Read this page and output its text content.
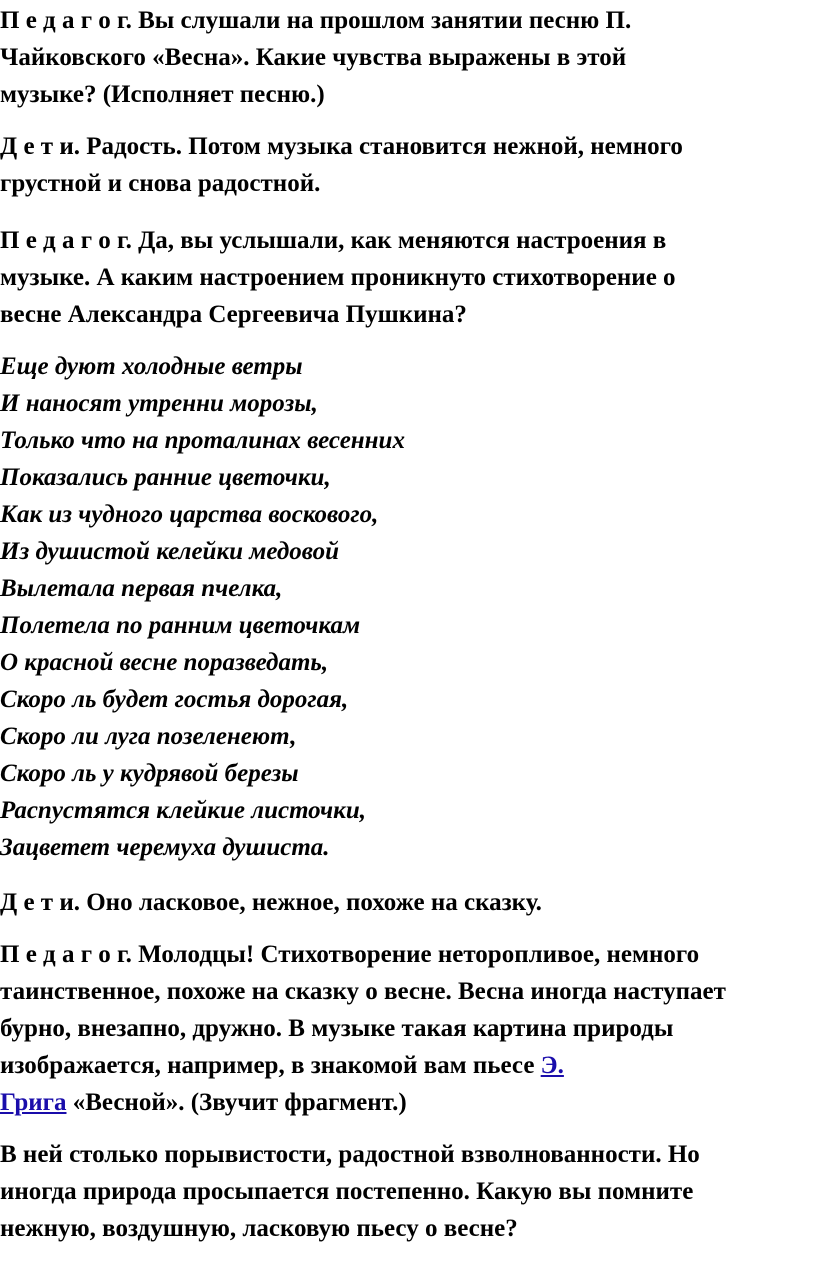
П е д а г о г. Вы слушали на прошлом занятии песню П.
Чайковского «Весна». Какие чувства выражены в этой
музыке? (Исполняет песню.)
Д е т и. Радость. Потом музыка становится нежной, немного
грустной и снова радостной.
П е д а г о г. Да, вы услышали, как меняются настроения в
музыке. А каким настроением проникнуто стихотворение о
весне Александра Сергеевича Пушкина?
Еще дуют холодные ветры
И наносят утренни морозы,
Только что на проталинах весенних
Показались ранние цветочки,
Как из чудного царства воскового,
Из душистой келейки медовой
Вылетала первая пчелка,
Полетела по ранним цветочкам
О красной весне поразведать,
Скоро ль будет гостья дорогая,
Скоро ли луга позеленеют,
Скоро ль у кудрявой березы
Распустятся клейкие листочки,
Зацветет черемуха душиста.
Д е т и. Оно ласковое, нежное, похоже на сказку.
П е д а г о г. Молодцы! Стихотворение неторопливое, немного
таинственное, похоже на сказку о весне. Весна иногда наступает
бурно, внезапно, дружно. В музыке такая картина природы
изображается, например, в знакомой вам пьесе Э.
Грига «Весной». (Звучит фрагмент.)
В ней столько порывистости, радостной взволнованности. Но
иногда природа просыпается постепенно. Какую вы помните
нежную, воздушную, ласковую пьесу о весне?
